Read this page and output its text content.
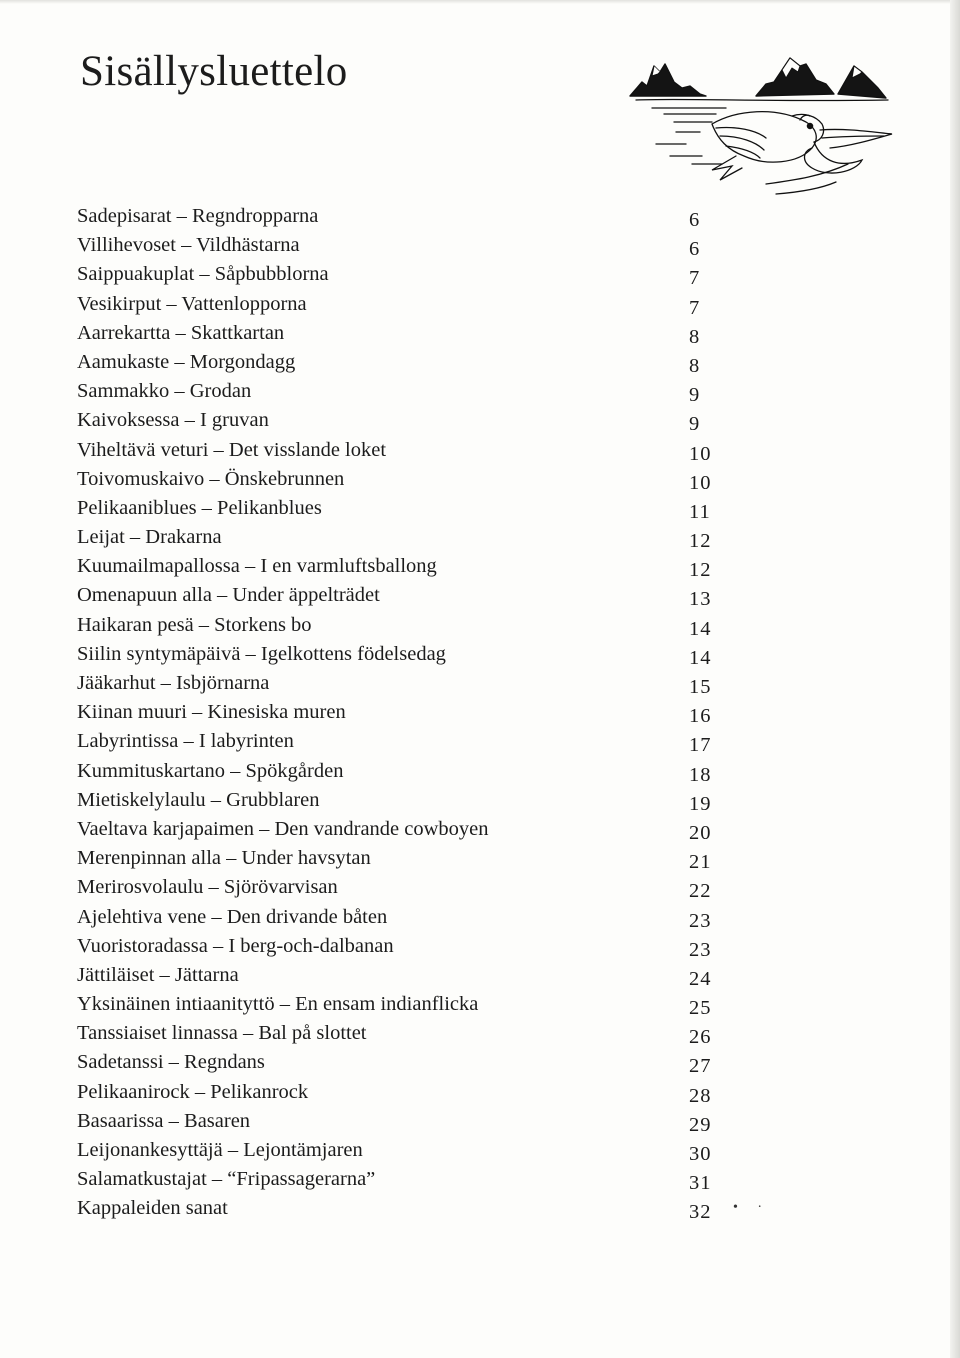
Sisällysluettelo
Sadepisarat – Regndropparna	6
Villihevoset – Vildhästarna	6
Saippuakuplat – Såpbubblorna	7
Vesikirput – Vattenlopporna	7
Aarrekartta – Skattkartan	8
Aamukaste – Morgondagg	8
Sammakko – Grodan	9
Kaivoksessa – I gruvan	9
Viheltävä veturi – Det visslande loket	10
Toivomuskaivo – Önskebrunnen	10
Pelikaaniblues – Pelikanblues	11
Leijat – Drakarna	12
Kuumailmapallossa – I en varmluftsballong	12
Omenapuun alla – Under äppelträdet	13
Haikaran pesä – Storkens bo	14
Siilin syntymäpäivä – Igelkottens födelsedag	14
Jääkarhut – Isbjörnarna	15
Kiinan muuri – Kinesiska muren	16
Labyrintissa – I labyrinten	17
Kummituskartano – Spökgården	18
Mietiskelylaulu – Grubblaren	19
Vaeltava karjapaimen – Den vandrande cowboyen	20
Merenpinnan alla – Under havsytan	21
Merirosvolaulu – Sjörövarvisan	22
Ajelehtiva vene – Den drivande båten	23
Vuoristoradassa – I berg-och-dalbanan	23
Jättiläiset – Jättarna	24
Yksinäinen intiaanityttö – En ensam indianflicka	25
Tanssiaiset linnassa – Bal på slottet	26
Sadetanssi – Regndans	27
Pelikaanirock – Pelikanrock	28
Basaarissa – Basaren	29
Leijonankesyttäjä – Lejontämjaren	30
Salamatkustajat – “Fripassagerarna”	31
Kappaleiden sanat	32	• ·
